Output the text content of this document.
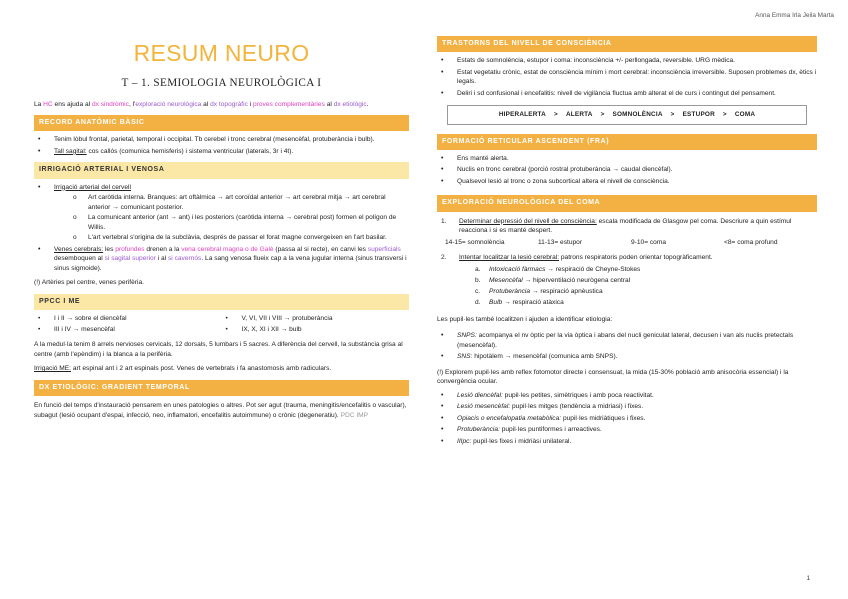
Anna Emma Irla Jeila Marta
RESUM NEURO
T – 1. SEMIOLOGIA NEUROLÒGICA I
La HC ens ajuda al dx sindròmic, l'exploració neurològica al dx topogràfic i proves complementàries al dx etiològic.
RECORD ANATÒMIC BÀSIC
• Tenim lòbul frontal, parietal, temporal i occipital. Tb cerebel i tronc cerebral (mesencèfal, protuberància i bulb).
• Tall sagital: cos callós (comunica hemisferis) i sistema ventricular (laterals, 3r i 4t).
IRRIGACIÓ ARTERIAL I VENOSA
• Irrigació arterial del cervell
o Art caròtida interna. Branques: art oftàlmica → art coroïdal anterior → art cerebral mitja → art cerebral anterior → comunicant posterior.
o La comunicant anterior (ant → ant) i les posteriors (caròtida interna → cerebral post) formen el polígon de Willis.
o L'art vertebral s'origina de la subclàvia, després de passar el forat magne convergeixen en l'art basilar.
• Venes cerebrals: les profundes drenen a la vena cerebral magna o de Galè (passa al si recte), en canvi les superficials desemboquen al si sagital superior i al si cavernós. La sang venosa flueix cap a la vena jugular interna (sinus transversi i sinus sigmoide).
(!) Artèries pel centre, venes perifèria.
PPCC I ME
• I i II → sobre el diencèfal	• V, VI, VII i VIII → protuberància
• III i IV → mesencèfal	• IX, X, XI i XII → bulb
A la medul·la tenim 8 arrels nervioses cervicals, 12 dorsals, 5 lumbars i 5 sacres. A diferència del cervell, la substància grisa al centre (amb l'epèndim) i la blanca a la perifèria.
Irrigació ME: art espinal ant i 2 art espinals post. Venes de vertebrals i fa anastomosis amb radiculars.
DX ETIOLÒGIC: GRADIENT TEMPORAL
En funció del temps d'instauració pensarem en unes patologies o altres. Pot ser agut (trauma, meningitis/encefalitis o vascular), subagut (lesió ocupant d'espai, infecció, neo, inflamatori, encefalitis autoimmune) o crònic (degeneratiu). PDC IMP
TRASTORNS DEL NIVELL DE CONSCIÈNCIA
• Estats de somnolència, estupor i coma: inconsciència +/- perllongada, reversible. URG mèdica.
• Estat vegetatiu crònic, estat de consciència mínim i mort cerebral: inconsciència irreversible. Suposen problemes dx, ètics i legals.
• Deliri i sd confusional i encefalitis: nivell de vigilància fluctua amb alterat el de curs i contingut del pensament.
HIPERALERTA > ALERTA > SOMNOLÈNCIA > ESTUPOR > COMA
FORMACIÓ RETICULAR ASCENDENT (FRA)
• Ens manté alerta.
• Nuclis en tronc cerebral (porció rostral protuberància → caudal diencèfal).
• Qualsevol lesió al tronc o zona subcortical altera el nivell de consciència.
EXPLORACIÓ NEUROLÒGICA DEL COMA
1. Determinar depressió del nivell de consciència: escala modificada de Glasgow pel coma. Descriure a quin estímul reacciona i si es manté despert.
14-15= somnolència	11-13= estupor	9-10= coma	<8= coma profund
2. Intentar localitzar la lesió cerebral: patrons respiratoris poden orientar topogràficament.
a. Intoxicació fàrmacs → respiració de Cheyne-Stokes
b. Mesencèfal → hiperventilació neurògena central
c. Protuberància → respiració apnèustica
d. Bulb → respiració atàxica
Les pupil·les també localitzen i ajuden a identificar etiologia:
• SNPS: acompanya el nv òptic per la via òptica i abans del nucli geniculat lateral, decusen i van als nuclis pretectals (mesencèfal).
• SNS: hipotàlem → mesencèfal (comunica amb SNPS).
(!) Explorem pupil·les amb reflex fotomotor directe i consensuat, la mida (15-30% població amb anisocòria essencial) i la convergència ocular.
• Lesió diencèfal: pupil·les petites, simètriques i amb poca reactivitat.
• Lesió mesencèfal: pupil·les mitges (tendència a midriasi) i fixes.
• Opiacis o encefalopatia metabòlica: pupil·les midriàtiques i fixes.
• Protuberància: pupil·les puntiformes i arreactives.
• IIIpc: pupil·les fixes i midriàsi unilateral.
1
